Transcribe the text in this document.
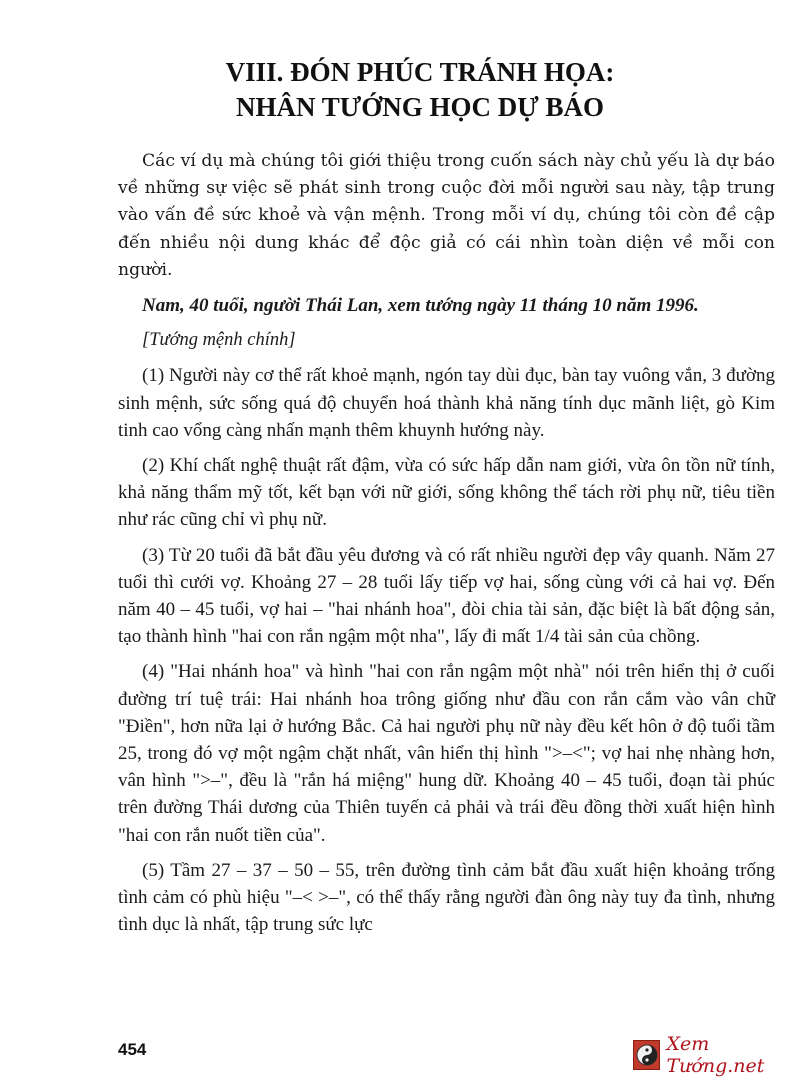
VIII. ĐÓN PHÚC TRÁNH HỌA:
NHÂN TƯỚNG HỌC DỰ BÁO

Các ví dụ mà chúng tôi giới thiệu trong cuốn sách này chủ yếu là dự báo về những sự việc sẽ phát sinh trong cuộc đời mỗi người sau này, tập trung vào vấn đề sức khoẻ và vận mệnh. Trong mỗi ví dụ, chúng tôi còn đề cập đến nhiều nội dung khác để độc giả có cái nhìn toàn diện về mỗi con người.

Nam, 40 tuổi, người Thái Lan, xem tướng ngày 11 tháng 10 năm 1996.

[Tướng mệnh chính]

(1) Người này cơ thể rất khoẻ mạnh, ngón tay dùi đục, bàn tay vuông vắn, 3 đường sinh mệnh, sức sống quá độ chuyển hoá thành khả năng tính dục mãnh liệt, gò Kim tinh cao vổng càng nhấn mạnh thêm khuynh hướng này.

(2) Khí chất nghệ thuật rất đậm, vừa có sức hấp dẫn nam giới, vừa ôn tồn nữ tính, khả năng thẩm mỹ tốt, kết bạn với nữ giới, sống không thể tách rời phụ nữ, tiêu tiền như rác cũng chỉ vì phụ nữ.

(3) Từ 20 tuổi đã bắt đầu yêu đương và có rất nhiều người đẹp vây quanh. Năm 27 tuổi thì cưới vợ. Khoảng 27 – 28 tuổi lấy tiếp vợ hai, sống cùng với cả hai vợ. Đến năm 40 – 45 tuổi, vợ hai – "hai nhánh hoa", đòi chia tài sản, đặc biệt là bất động sản, tạo thành hình "hai con rắn ngậm một nha", lấy đi mất 1/4 tài sản của chồng.

(4) "Hai nhánh hoa" và hình "hai con rắn ngậm một nhà" nói trên hiển thị ở cuối đường trí tuệ trái: Hai nhánh hoa trông giống như đầu con rắn cắm vào vân chữ "Điền", hơn nữa lại ở hướng Bắc. Cả hai người phụ nữ này đều kết hôn ở độ tuổi tầm 25, trong đó vợ một ngậm chặt nhất, vân hiển thị hình ">–<"; vợ hai nhẹ nhàng hơn, vân hình ">–", đều là "rắn há miệng" hung dữ. Khoảng 40 – 45 tuổi, đoạn tài phúc trên đường Thái dương của Thiên tuyến cả phải và trái đều đồng thời xuất hiện hình "hai con rắn nuốt tiền của".

(5) Tầm 27 – 37 – 50 – 55, trên đường tình cảm bắt đầu xuất hiện khoảng trống tình cảm có phù hiệu "–< >–", có thể thấy rằng người đàn ông này tuy đa tình, nhưng tình dục là nhất, tập trung sức lực

454	Xem Tướng.net
